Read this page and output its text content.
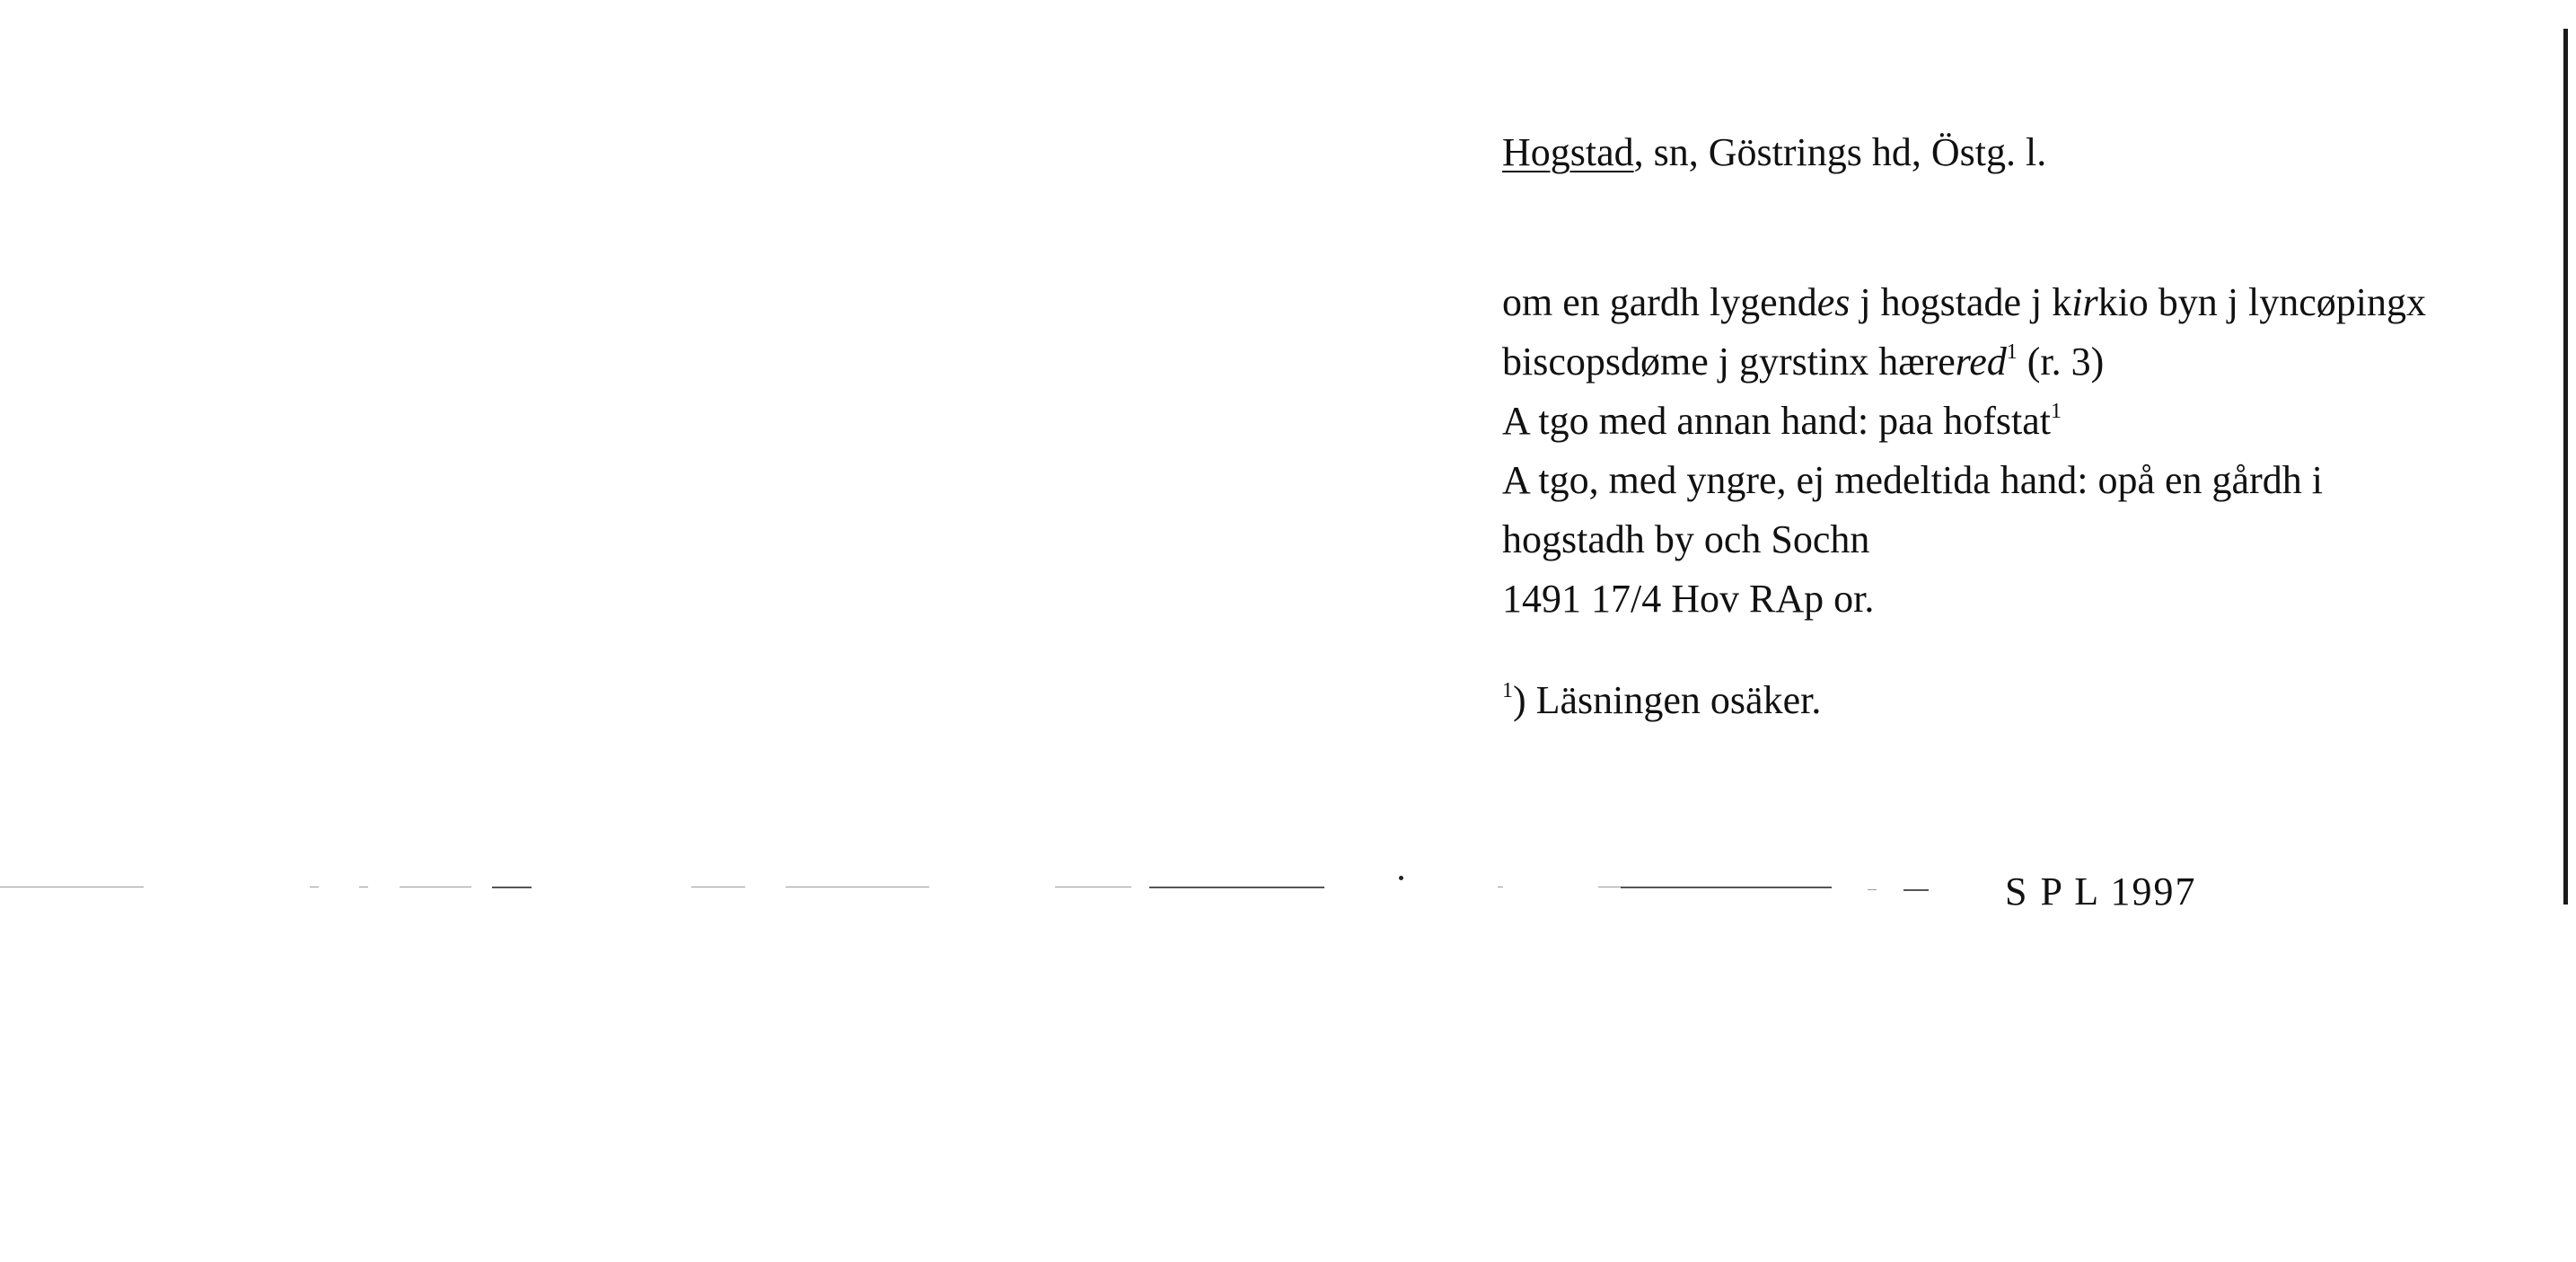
Hogstad, sn, Göstrings hd, Östg. l.
om en gardh lygendes j hogstade j kirkio byn j lyncøpingx
biscopsdøme j gyrstinx hærered$^1$ (r. 3)
A tgo med annan hand: paa hofstat$^1$
A tgo, med yngre, ej medeltida hand: opå en gårdh i
hogstadh by och Sochn
1491 17/4 Hov RAp or.
$^1$) Läsningen osäker.
S P L 1997
